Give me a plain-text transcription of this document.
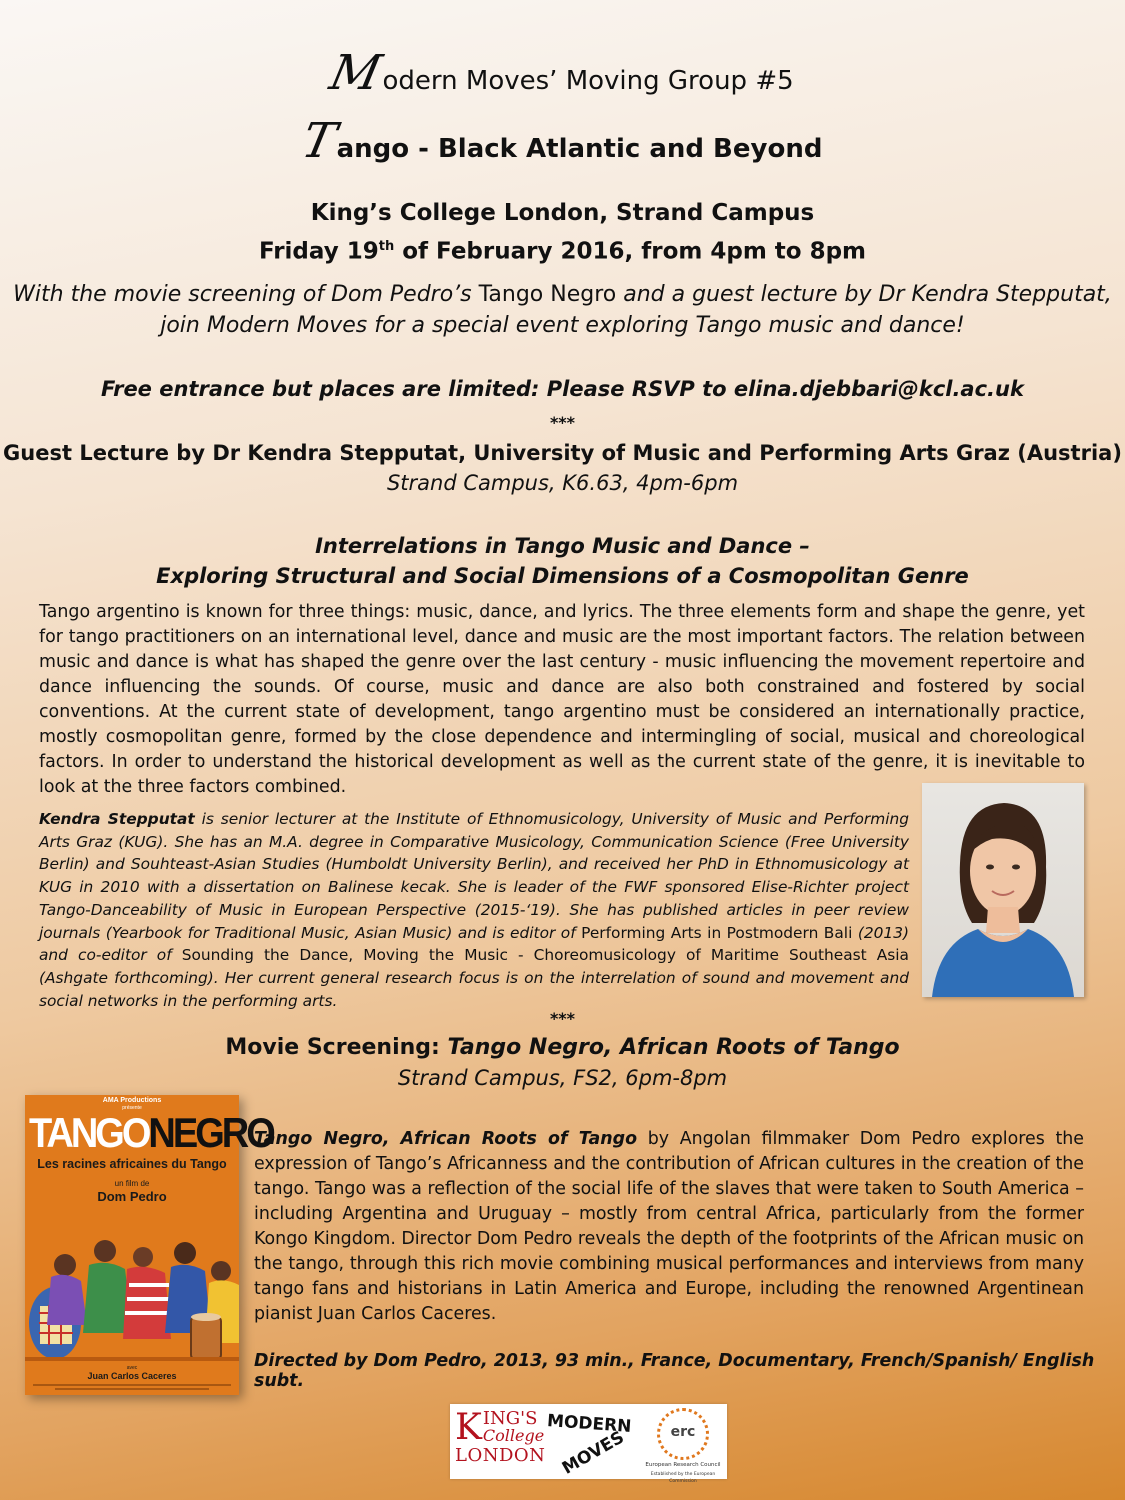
Modern Moves’ Moving Group #5
Tango - Black Atlantic and Beyond
King’s College London, Strand Campus
Friday 19th of February 2016, from 4pm to 8pm
With the movie screening of Dom Pedro’s Tango Negro and a guest lecture by Dr Kendra Stepputat,
join Modern Moves for a special event exploring Tango music and dance!
Free entrance but places are limited: Please RSVP to elina.djebbari@kcl.ac.uk
***
Guest Lecture by Dr Kendra Stepputat, University of Music and Performing Arts Graz (Austria)
Strand Campus, K6.63, 4pm-6pm
Interrelations in Tango Music and Dance –
Exploring Structural and Social Dimensions of a Cosmopolitan Genre

Tango argentino is known for three things: music, dance, and lyrics. The three elements form and shape the genre, yet for tango practitioners on an international level, dance and music are the most important factors. The relation between music and dance is what has shaped the genre over the last century - music influencing the movement repertoire and dance influencing the sounds. Of course, music and dance are also both constrained and fostered by social conventions. At the current state of development, tango argentino must be considered an internationally practice, mostly cosmopolitan genre, formed by the close dependence and intermingling of social, musical and choreological factors. In order to understand the historical development as well as the current state of the genre, it is inevitable to look at the three factors combined.

Kendra Stepputat is senior lecturer at the Institute of Ethnomusicology, University of Music and Performing Arts Graz (KUG). She has an M.A. degree in Comparative Musicology, Communication Science (Free University Berlin) and Souhteast-Asian Studies (Humboldt University Berlin), and received her PhD in Ethnomusicology at KUG in 2010 with a dissertation on Balinese kecak. She is leader of the FWF sponsored Elise-Richter project Tango-Danceability of Music in European Perspective (2015-‘19). She has published articles in peer review journals (Yearbook for Traditional Music, Asian Music) and is editor of Performing Arts in Postmodern Bali (2013) and co-editor of Sounding the Dance, Moving the Music - Choreomusicology of Maritime Southeast Asia (Ashgate forthcoming). Her current general research focus is on the interrelation of sound and movement and social networks in the performing arts.

***
Movie Screening: Tango Negro, African Roots of Tango
Strand Campus, FS2, 6pm-8pm
AMA Productions
présente
TANGONEGRO
Les racines africaines du Tango
un film de
Dom Pedro
avec
Juan Carlos Caceres

Tango Negro, African Roots of Tango by Angolan filmmaker Dom Pedro explores the expression of Tango’s Africanness and the contribution of African cultures in the creation of the tango. Tango was a reflection of the social life of the slaves that were taken to South America – including Argentina and Uruguay – mostly from central Africa, particularly from the former Kongo Kingdom. Director Dom Pedro reveals the depth of the footprints of the African music on the tango, through this rich movie combining musical performances and interviews from many tango fans and historians in Latin America and Europe, including the renowned Argentinean pianist Juan Carlos Caceres.

Directed by Dom Pedro, 2013, 93 min., France, Documentary, French/Spanish/ English subt.
K ING'S
College
LONDON
MODERN
MOVES	erc
European Research Council
Established by the European Commission
